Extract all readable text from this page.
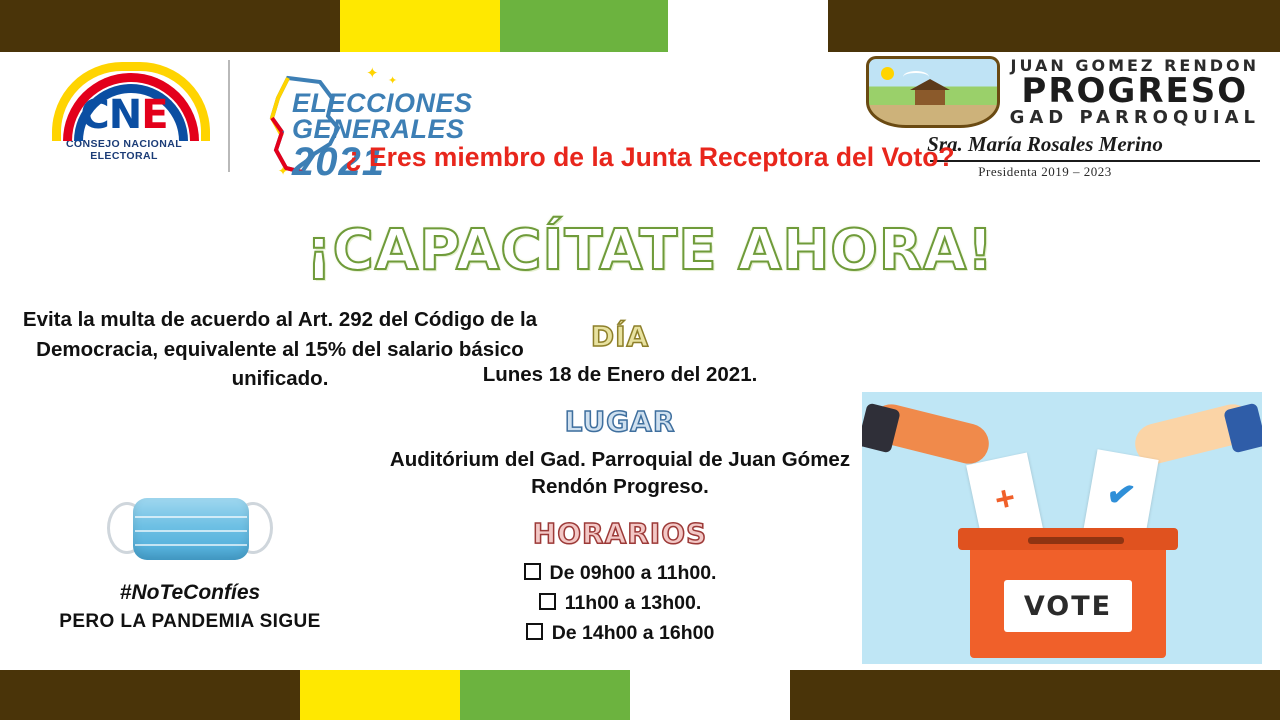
CNE
CONSEJO NACIONAL ELECTORAL
✦ ✦
✦
ELECCIONES
GENERALES
2021
JUAN GOMEZ RENDON
PROGRESO
GAD PARROQUIAL
Sra. María Rosales Merino
Presidenta 2019 – 2023
¿ Eres miembro de la Junta Receptora del Voto?
¡CAPACÍTATE AHORA!
Evita la multa de acuerdo al Art. 292 del Código de la Democracia, equivalente al 15% del salario básico unificado.
#NoTeConfíes
PERO LA PANDEMIA SIGUE
DÍA
Lunes 18 de Enero del 2021.
LUGAR
Auditórium del Gad. Parroquial de Juan Gómez Rendón Progreso.
HORARIOS
De 09h00 a 11h00.
11h00 a 13h00.
De 14h00 a 16h00
+	✔
VOTE
